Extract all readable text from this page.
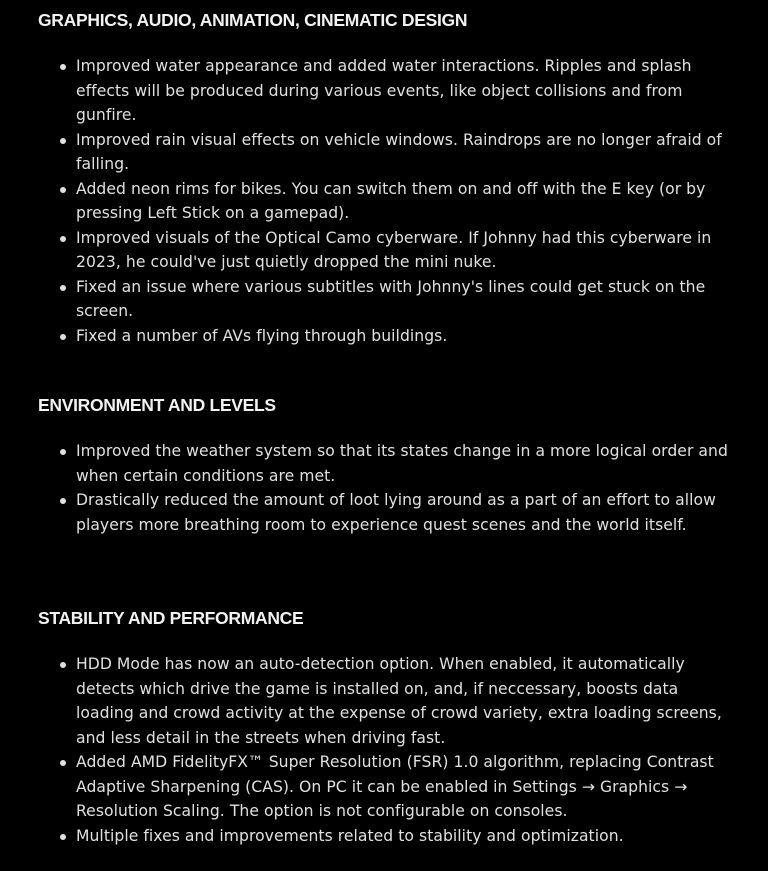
GRAPHICS, AUDIO, ANIMATION, CINEMATIC DESIGN
Improved water appearance and added water interactions. Ripples and splash effects will be produced during various events, like object collisions and from gunfire.
Improved rain visual effects on vehicle windows. Raindrops are no longer afraid of falling.
Added neon rims for bikes. You can switch them on and off with the E key (or by pressing Left Stick on a gamepad).
Improved visuals of the Optical Camo cyberware. If Johnny had this cyberware in 2023, he could've just quietly dropped the mini nuke.
Fixed an issue where various subtitles with Johnny's lines could get stuck on the screen.
Fixed a number of AVs flying through buildings.
ENVIRONMENT AND LEVELS
Improved the weather system so that its states change in a more logical order and when certain conditions are met.
Drastically reduced the amount of loot lying around as a part of an effort to allow players more breathing room to experience quest scenes and the world itself.
STABILITY AND PERFORMANCE
HDD Mode has now an auto-detection option. When enabled, it automatically detects which drive the game is installed on, and, if neccessary, boosts data loading and crowd activity at the expense of crowd variety, extra loading screens, and less detail in the streets when driving fast.
Added AMD FidelityFX™ Super Resolution (FSR) 1.0 algorithm, replacing Contrast Adaptive Sharpening (CAS). On PC it can be enabled in Settings → Graphics → Resolution Scaling. The option is not configurable on consoles.
Multiple fixes and improvements related to stability and optimization.
